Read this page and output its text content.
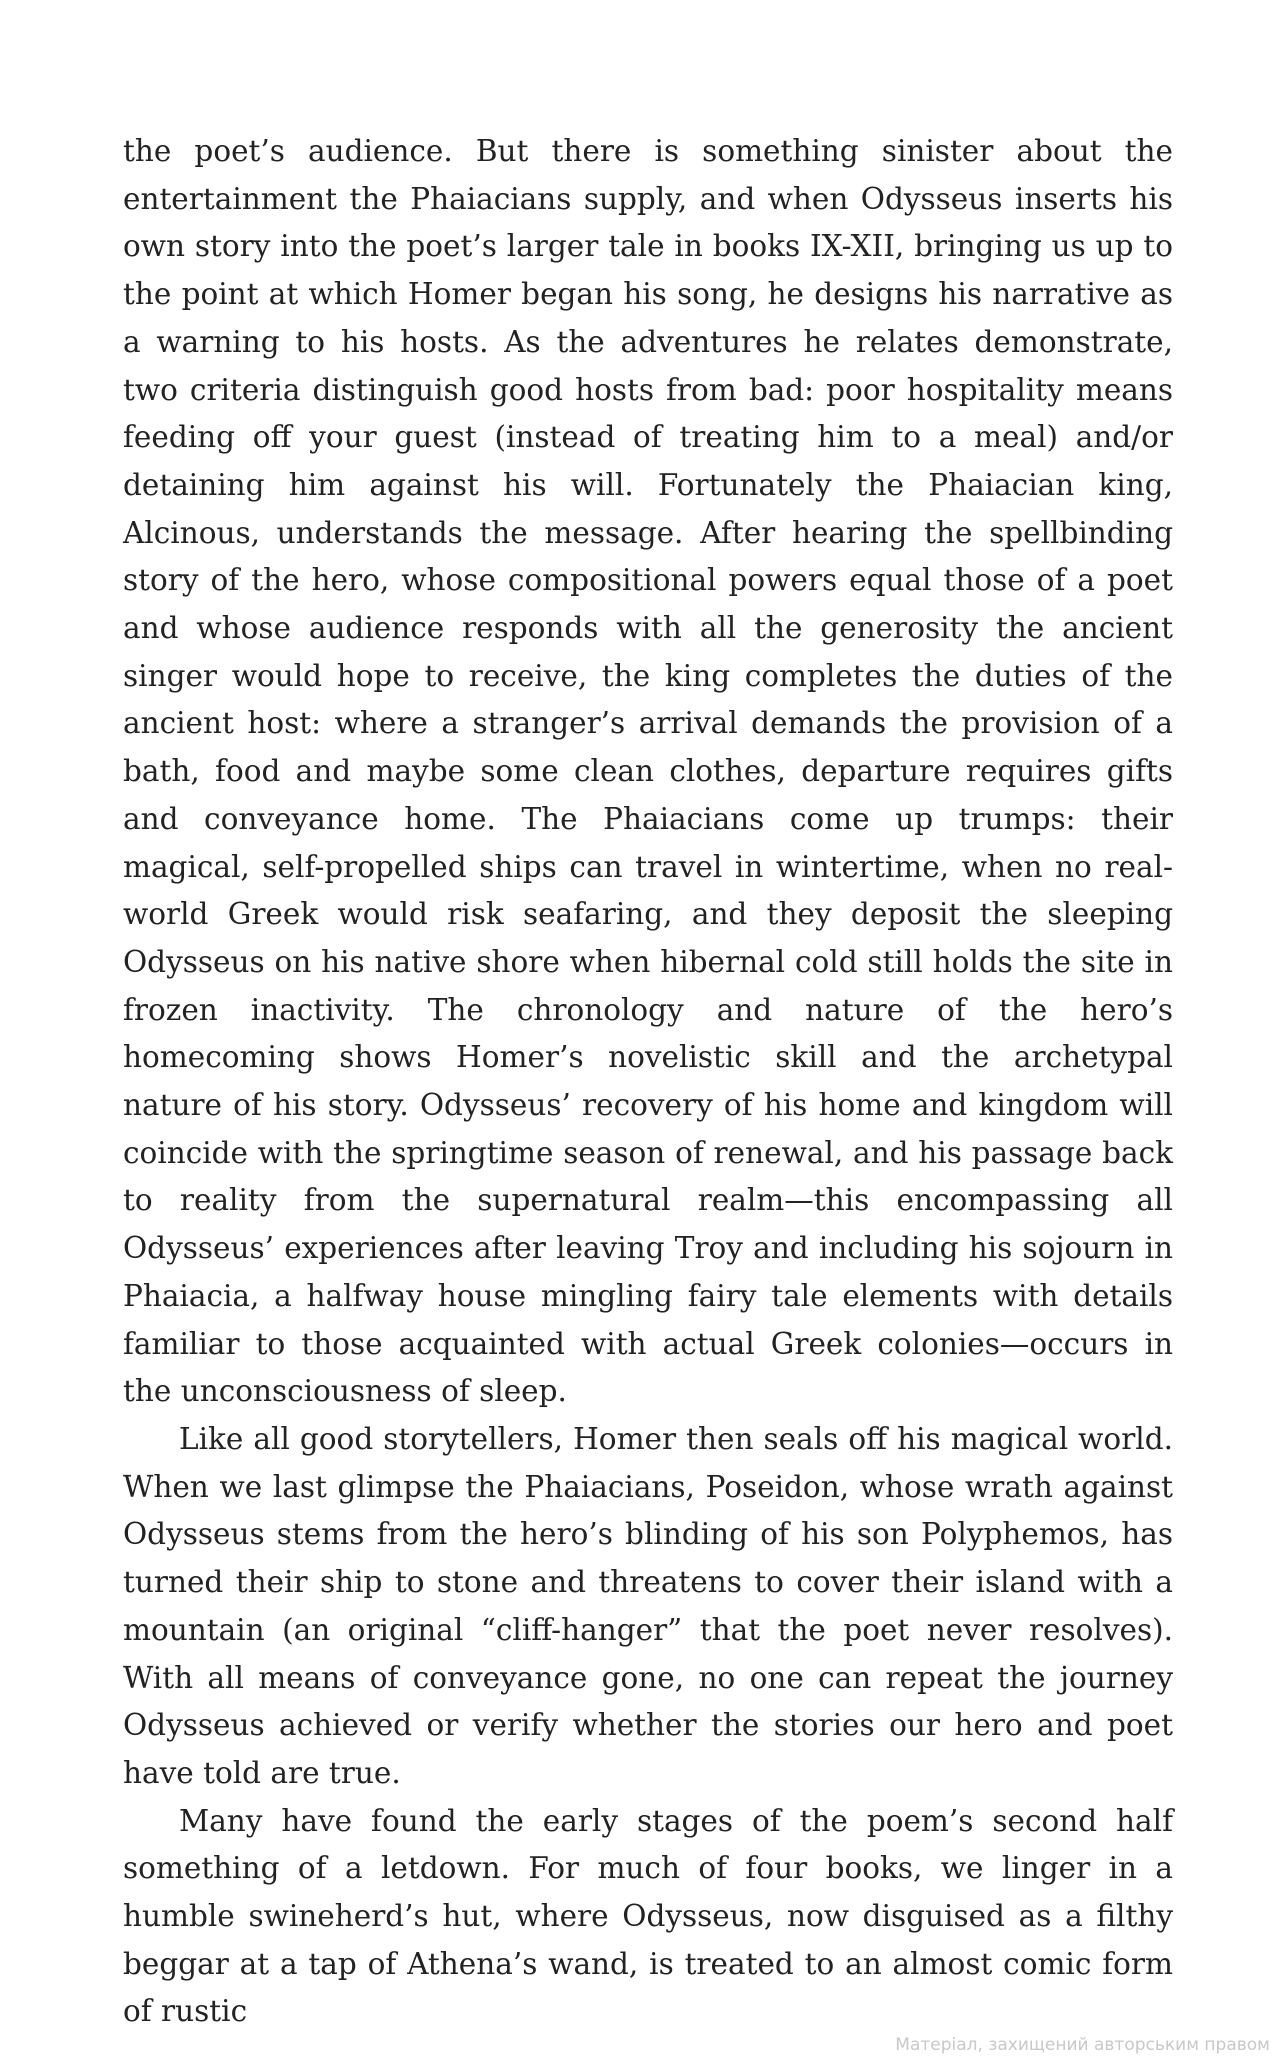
the poet’s audience. But there is something sinister about the entertainment the Phaiacians supply, and when Odysseus inserts his own story into the poet’s larger tale in books IX-XII, bringing us up to the point at which Homer began his song, he designs his narrative as a warning to his hosts. As the adventures he relates demonstrate, two criteria distinguish good hosts from bad: poor hospitality means feeding off your guest (instead of treating him to a meal) and/or detaining him against his will. Fortunately the Phaiacian king, Alcinous, understands the message. After hearing the spellbinding story of the hero, whose compositional powers equal those of a poet and whose audience responds with all the generosity the ancient singer would hope to receive, the king completes the duties of the ancient host: where a stranger’s arrival demands the provision of a bath, food and maybe some clean clothes, departure requires gifts and conveyance home. The Phaiacians come up trumps: their magical, self-propelled ships can travel in wintertime, when no real-world Greek would risk seafaring, and they deposit the sleeping Odysseus on his native shore when hibernal cold still holds the site in frozen inactivity. The chronology and nature of the hero’s homecoming shows Homer’s novelistic skill and the archetypal nature of his story. Odysseus’ recovery of his home and kingdom will coincide with the springtime season of renewal, and his passage back to reality from the supernatural realm—this encompassing all Odysseus’ experiences after leaving Troy and including his sojourn in Phaiacia, a halfway house mingling fairy tale elements with details familiar to those acquainted with actual Greek colonies—occurs in the unconsciousness of sleep.

Like all good storytellers, Homer then seals off his magical world. When we last glimpse the Phaiacians, Poseidon, whose wrath against Odysseus stems from the hero’s blinding of his son Polyphemos, has turned their ship to stone and threatens to cover their island with a mountain (an original “cliff-hanger” that the poet never resolves). With all means of conveyance gone, no one can repeat the journey Odysseus achieved or verify whether the stories our hero and poet have told are true.

Many have found the early stages of the poem’s second half something of a letdown. For much of four books, we linger in a humble swineherd’s hut, where Odysseus, now disguised as a filthy beggar at a tap of Athena’s wand, is treated to an almost comic form of rustic

Матеріал, захищений авторським правом
